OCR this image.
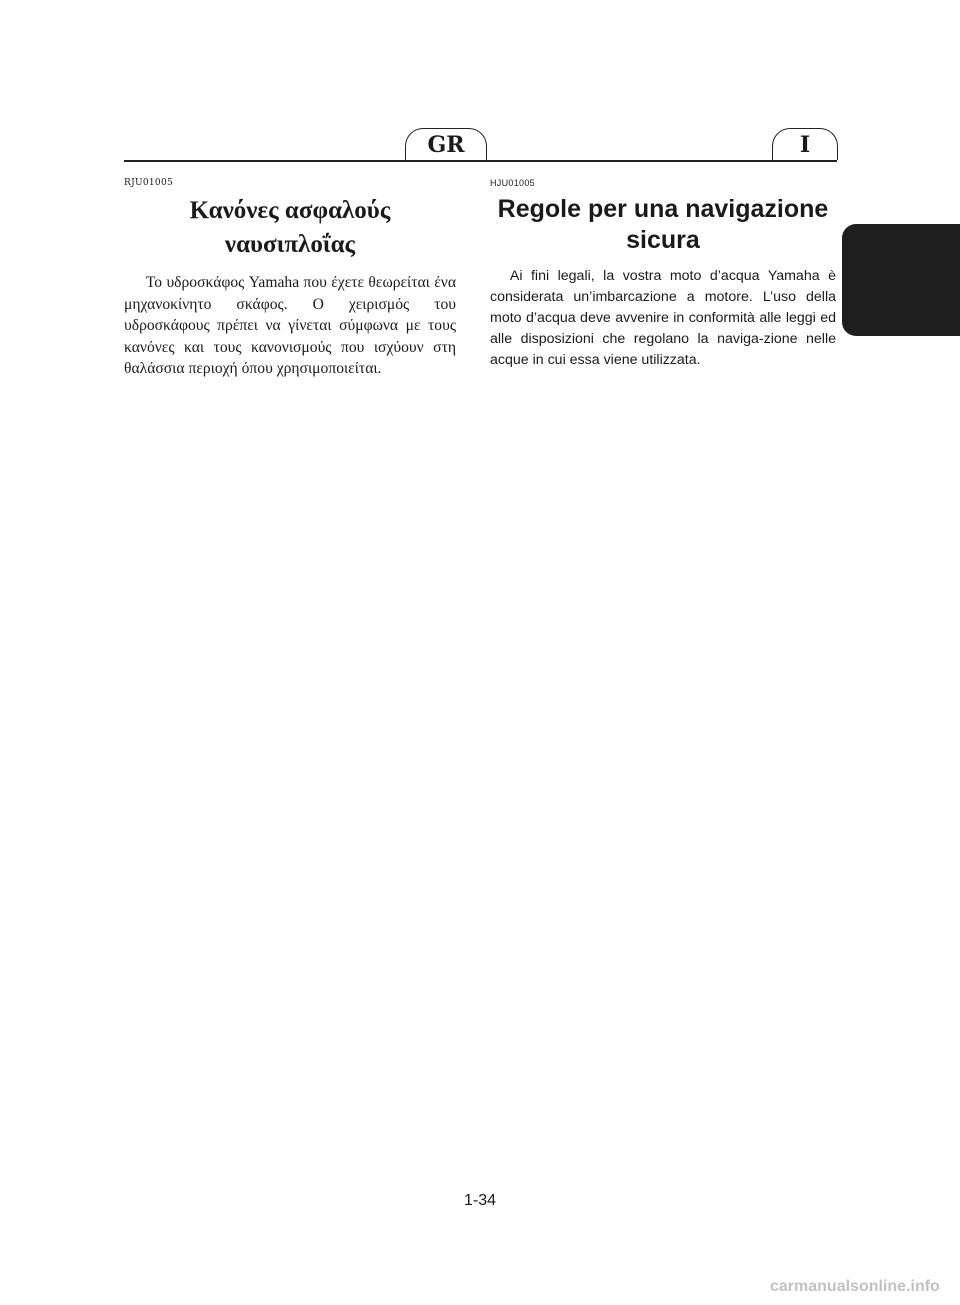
GR	I

RJU01005

Κανόνες ασφαλούς
ναυσιπλοΐας

Το υδροσκάφος Yamaha που έχετε θεωρείται ένα μηχανοκίνητο σκάφος. Ο χειρισμός του υδροσκάφους πρέπει να γίνεται σύμφωνα με τους κανόνες και τους κανονισμούς που ισχύουν στη θαλάσσια περιοχή όπου χρησιμοποιείται.

HJU01005

Regole per una navigazione
sicura

Ai fini legali, la vostra moto d’acqua Yamaha è considerata un’imbarcazione a motore. L’uso della moto d’acqua deve avvenire in conformità alle leggi ed alle disposizioni che regolano la naviga-zione nelle acque in cui essa viene utilizzata.

1-34
carmanualsonline.info
